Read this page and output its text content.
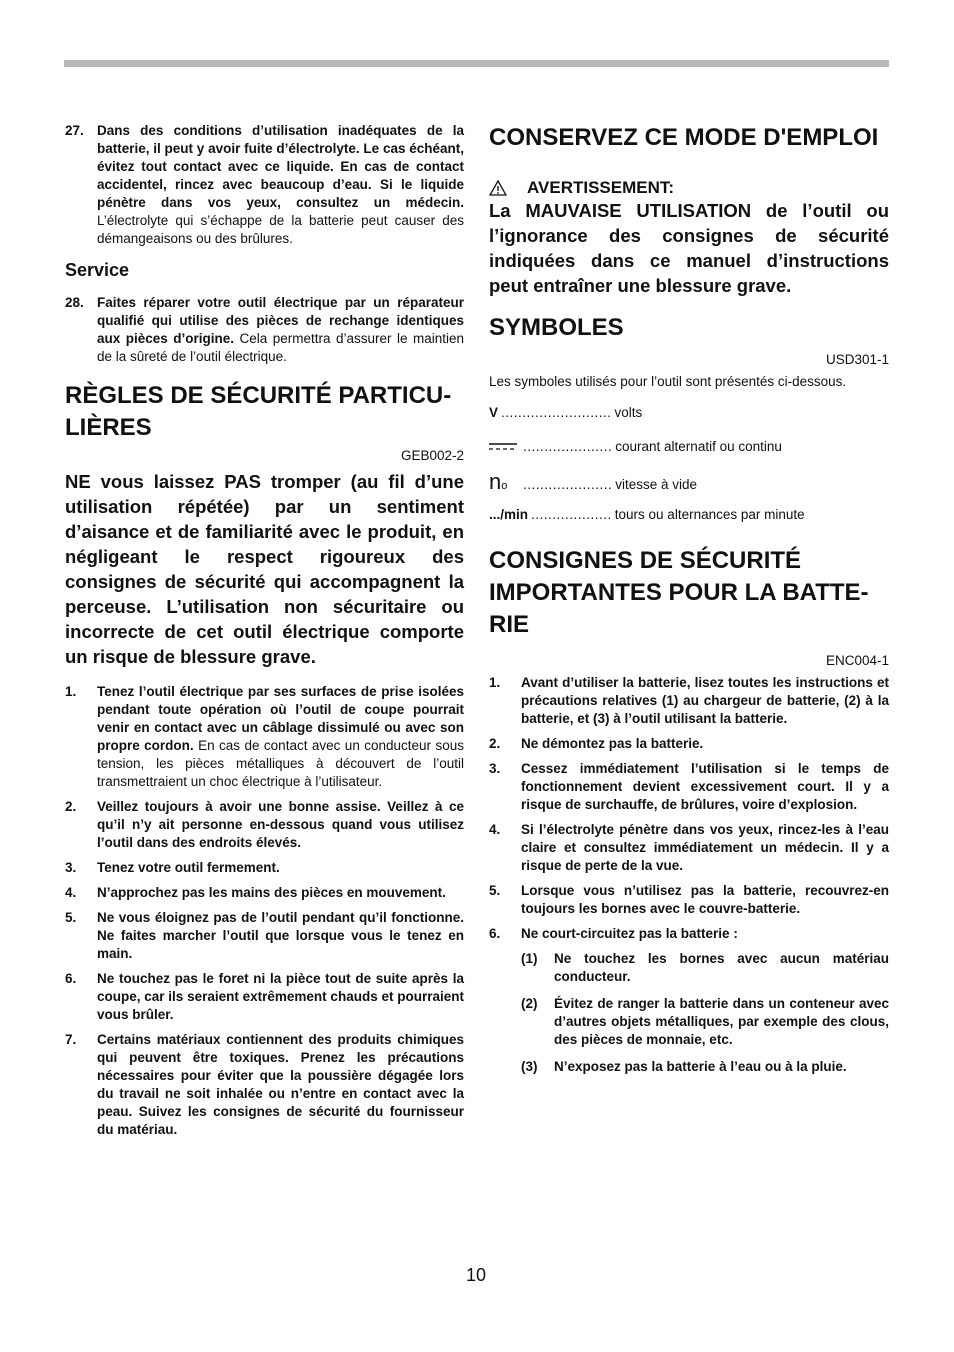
27. Dans des conditions d’utilisation inadéquates de la batterie, il peut y avoir fuite d’électrolyte. Le cas échéant, évitez tout contact avec ce liquide. En cas de contact accidentel, rincez avec beaucoup d’eau. Si le liquide pénètre dans vos yeux, consultez un médecin. L’électrolyte qui s’échappe de la batterie peut causer des démangeaisons ou des brûlures.
Service
28. Faites réparer votre outil électrique par un réparateur qualifié qui utilise des pièces de rechange identiques aux pièces d’origine. Cela permettra d’assurer le maintien de la sûreté de l’outil électrique.
RÈGLES DE SÉCURITÉ PARTICU-LIÈRES
GEB002-2

NE vous laissez PAS tromper (au fil d’une utilisation répétée) par un sentiment d’aisance et de familiarité avec le produit, en négligeant le respect rigoureux des consignes de sécurité qui accompagnent la perceuse. L’utilisation non sécuritaire ou incorrecte de cet outil électrique comporte un risque de blessure grave.

1. Tenez l’outil électrique par ses surfaces de prise isolées pendant toute opération où l’outil de coupe pourrait venir en contact avec un câblage dissimulé ou avec son propre cordon. En cas de contact avec un conducteur sous tension, les pièces métalliques à découvert de l’outil transmettraient un choc électrique à l’utilisateur.
2. Veillez toujours à avoir une bonne assise. Veillez à ce qu’il n’y ait personne en-dessous quand vous utilisez l’outil dans des endroits élevés.
3. Tenez votre outil fermement.
4. N’approchez pas les mains des pièces en mouvement.
5. Ne vous éloignez pas de l’outil pendant qu’il fonctionne. Ne faites marcher l’outil que lorsque vous le tenez en main.
6. Ne touchez pas le foret ni la pièce tout de suite après la coupe, car ils seraient extrêmement chauds et pourraient vous brûler.
7. Certains matériaux contiennent des produits chimiques qui peuvent être toxiques. Prenez les précautions nécessaires pour éviter que la poussière dégagée lors du travail ne soit inhalée ou n’entre en contact avec la peau. Suivez les consignes de sécurité du fournisseur du matériau.
CONSERVEZ CE MODE D'EMPLOI
AVERTISSEMENT:

La MAUVAISE UTILISATION de l’outil ou l’ignorance des consignes de sécurité indiquées dans ce manuel d’instructions peut entraîner une blessure grave.

SYMBOLES
USD301-1

Les symboles utilisés pour l’outil sont présentés ci-dessous.

V .......................... volts
..................... courant alternatif ou continu
no	..................... vitesse à vide
.../min ................... tours ou alternances par minute
CONSIGNES DE SÉCURITÉ IMPORTANTES POUR LA BATTE-RIE
ENC004-1
1. Avant d’utiliser la batterie, lisez toutes les instructions et précautions relatives (1) au chargeur de batterie, (2) à la batterie, et (3) à l’outil utilisant la batterie.
2. Ne démontez pas la batterie.
3. Cessez immédiatement l’utilisation si le temps de fonctionnement devient excessivement court. Il y a risque de surchauffe, de brûlures, voire d’explosion.
4. Si l’électrolyte pénètre dans vos yeux, rincez-les à l’eau claire et consultez immédiatement un médecin. Il y a risque de perte de la vue.
5. Lorsque vous n’utilisez pas la batterie, recouvrez-en toujours les bornes avec le couvre-batterie.
6. Ne court-circuitez pas la batterie :
(1) Ne touchez les bornes avec aucun matériau conducteur.
(2) Évitez de ranger la batterie dans un conteneur avec d’autres objets métalliques, par exemple des clous, des pièces de monnaie, etc.
(3) N’exposez pas la batterie à l’eau ou à la pluie.
10
